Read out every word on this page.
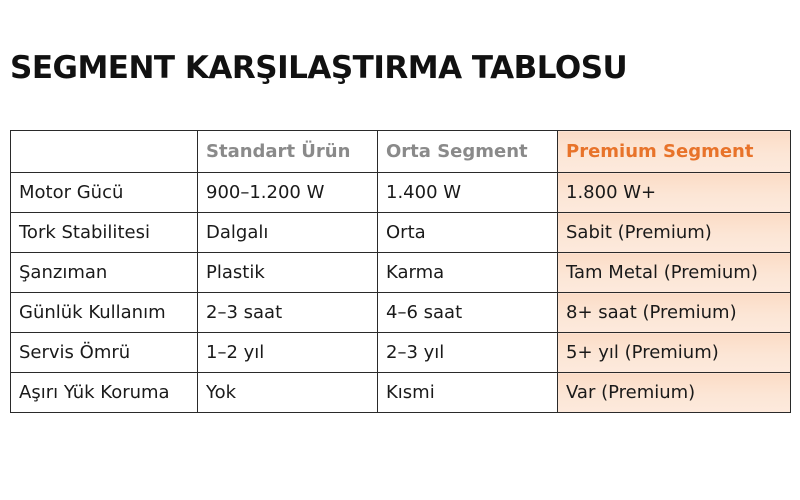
SEGMENT KARŞILAŞTIRMA TABLOSU
	Standart Ürün	Orta Segment	Premium Segment
Motor Gücü	900–1.200 W	1.400 W	1.800 W+
Tork Stabilitesi	Dalgalı	Orta	Sabit (Premium)
Şanzıman	Plastik	Karma	Tam Metal (Premium)
Günlük Kullanım	2–3 saat	4–6 saat	8+ saat (Premium)
Servis Ömrü	1–2 yıl	2–3 yıl	5+ yıl (Premium)
Aşırı Yük Koruma	Yok	Kısmi	Var (Premium)
